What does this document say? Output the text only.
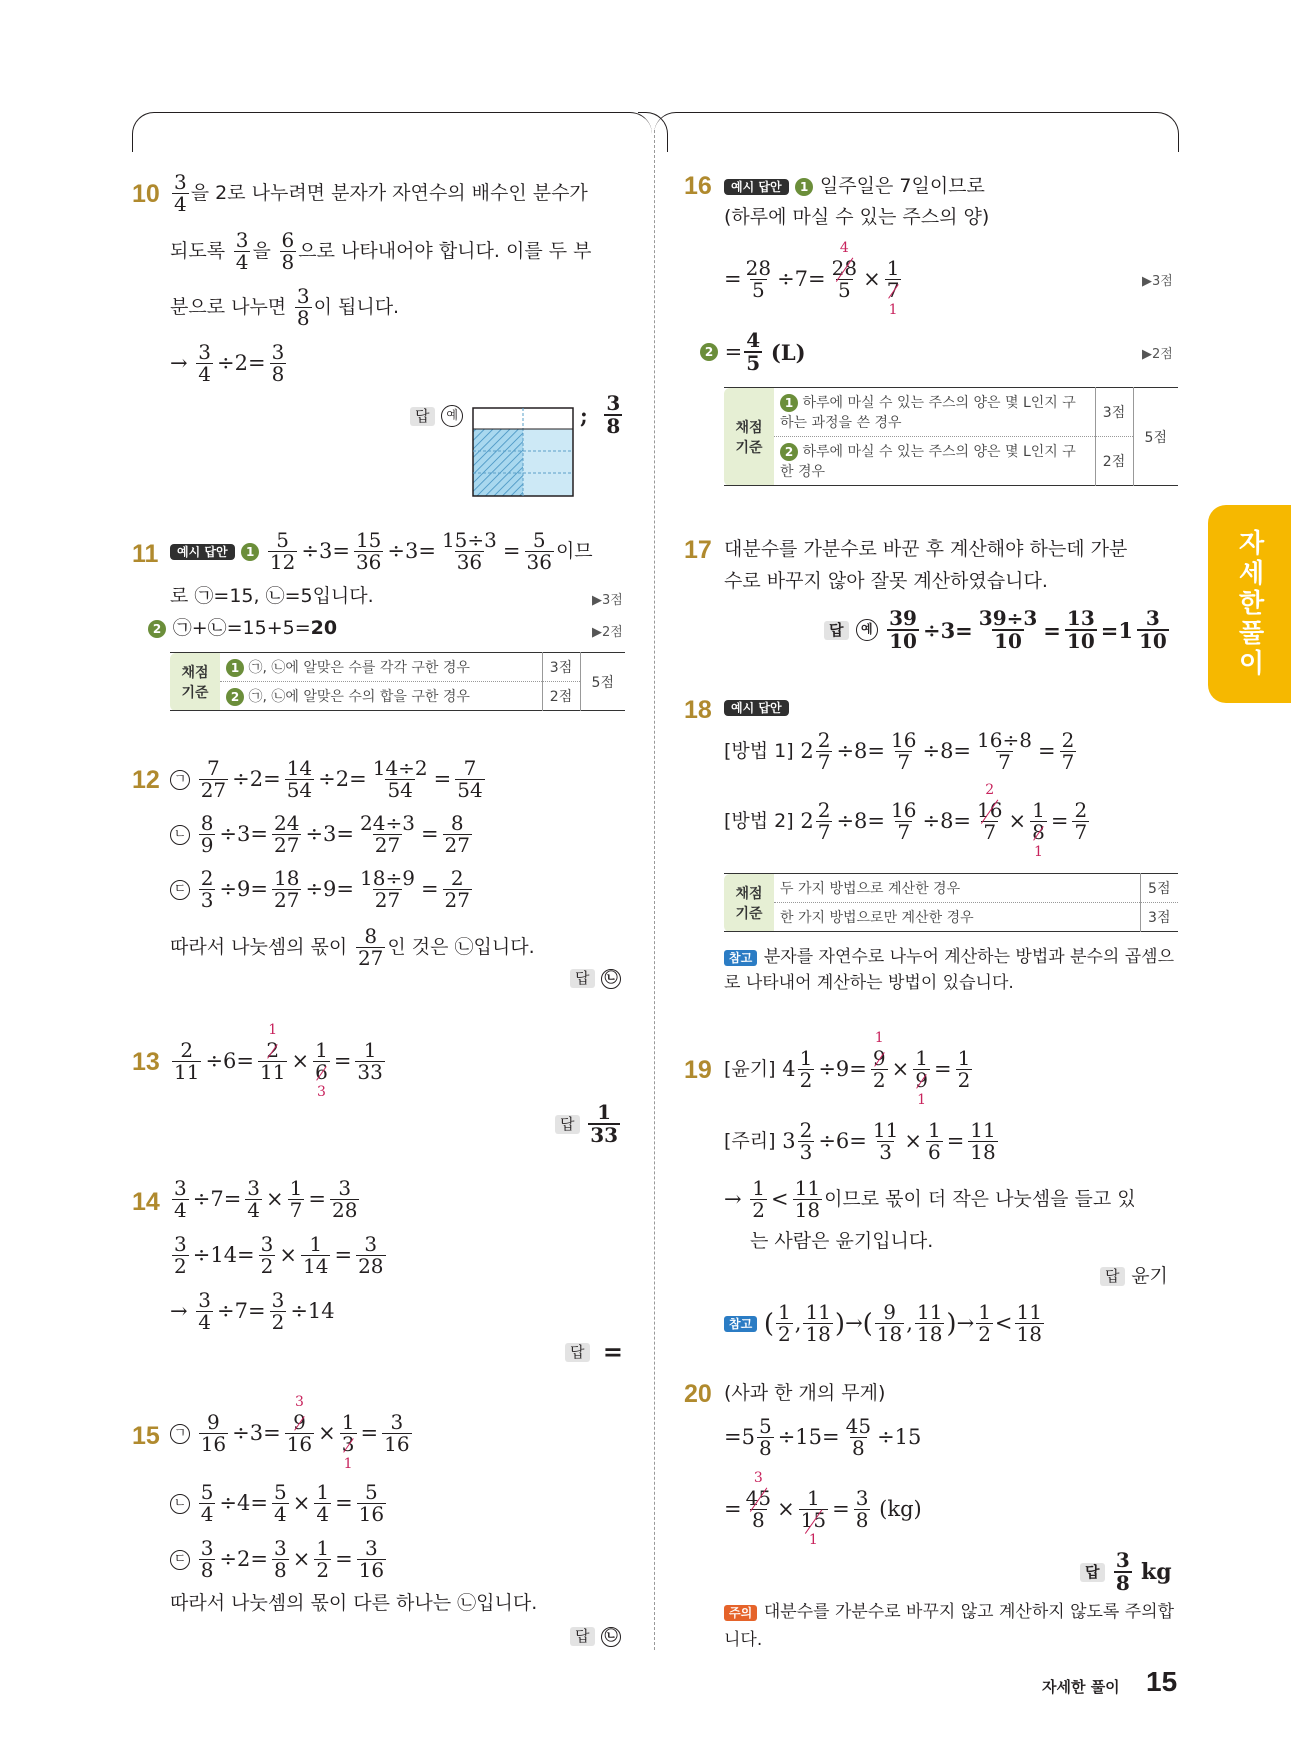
자세한풀이
10 3
4 을 2로 나누려면 분자가 자연수의 배수인 분수가
되도록
3
4 을
6
8 으로 나타내어야 합니다. 이를 두 부
분으로 나누면
3
8 이 됩니다.
→ $\frac{3}{4} \div 2= \frac{3}{8}$
답
	예	;
3
8
11	예시 답안
	1
$\frac{5}{12} \div 3= \frac{15}{36} \div 3= \frac{15\div 3}{36} = \frac{5}{36}$ 이므
로 ㉠=15, ㉡=5입니다.	▶3점
2
㉠+㉡=15+5= 20	▶2점
채점
기준	1 ㉠, ㉡에 알맞은 수를 각각 구한 경우	3점	5점
	2 ㉠, ㉡에 알맞은 수의 합을 구한 경우	2점	
12 ㄱ
$\frac{7}{27} \div 2= \frac{14}{54} \div 2= \frac{14\div 2}{54} = \frac{7}{54}$
ㄴ
$\frac{8}{9} \div 3= \frac{24}{27} \div 3= \frac{24\div 3}{27} = \frac{8}{27}$
ㄷ
$\frac{2}{3} \div 9= \frac{18}{27} \div 9= \frac{18\div 9}{27} = \frac{2}{27}$
따라서 나눗셈의 몫이
8
27 인 것은 ㉡입니다.
답
	㉡
$13 \frac{2}{11} \div 6= 2$
1
11 × 1
6
$3 = \frac{1}{33}$
답
1
33
$14 \frac{3}{4} \div 7= \frac{3}{4} \times \frac{1}{7} = \frac{3}{28}$
$\frac{3}{2} \div 14= \frac{3}{2} \times \frac{1}{14} = \frac{3}{28}$
→ $\frac{3}{4} \div 7= \frac{3}{2} \div 14$
답
=
15 ㄱ
$\frac{9}{16} \div 3= 9$
3
16 × 1
3
$1 = \frac{3}{16}$
ㄴ
$\frac{5}{4} \div 4= \frac{5}{4} \times \frac{1}{4} = \frac{5}{16}$
ㄷ
$\frac{3}{8} \div 2= \frac{3}{8} \times \frac{1}{2} = \frac{3}{16}$
따라서 나눗셈의 몫이 다른 하나는 ㉡입니다.
답
	㉡
16	예시 답안
	1
일주일은 7일이므로
(하루에 마실 수 있는 주스의 양)
= $\frac{28}{5} \div 7= 28$
4
5 × 1
7
1	▶3점
2 = 4
5
(L)	▶2점
채점
기준	1 하루에 마실 수 있는 주스의 양은 몇 L인지 구하는 과정을 쓴 경우	3점	5점
	2 하루에 마실 수 있는 주스의 양은 몇 L인지 구한 경우	2점	
17 대분수를 가분수로 바꾼 후 계산해야 하는데 가분
수로 바꾸지 않아 잘못 계산하였습니다.
답
	예
$\frac{39}{10} \div 3= \frac{39\div 3}{10} = \frac{13}{10} =1$ 3
10
18	예시 답안
[방법 1] $2 \frac{2}{7} \div 8= \frac{16}{7} \div 8= \frac{16\div 8}{7} = \frac{2}{7}$
[방법 2] $2 \frac{2}{7} \div 8= \frac{16}{7} \div 8= 16$
2
7 × 1
8
$1 = \frac{2}{7}$
채점
기준	두 가지 방법으로 계산한 경우	5점
	한 가지 방법으로만 계산한 경우	3점
참고
분자를 자연수로 나누어 계산하는 방법과 분수의 곱셈으
로 나타내어 계산하는 방법이 있습니다.
19 [윤기] $4 \frac{1}{2} \div 9= 9$
1
2 × 1
9
$1 = \frac{1}{2}$
[주리] $3 \frac{2}{3} \div 6= \frac{11}{3} \times \frac{1}{6} = \frac{11}{18}$
→ 1
2 < 11
18 이므로 몫이 더 작은 나눗셈을 들고 있
는 사람은 윤기입니다.
답
윤기
참고
( 1
2 , 11
18 ) → ( 9
18 , 11
18 ) → 1
2 < 11
18
20 (사과 한 개의 무게)
$=5 \frac{5}{8} \div 15= \frac{45}{8} \div 15$
= 45
3
8 × 1
15
$1 = \frac{3}{8}$
(kg)
답
3
8
kg
주의
대분수를 가분수로 바꾸지 않고 계산하지 않도록 주의합
니다.
자세한 풀이 15
